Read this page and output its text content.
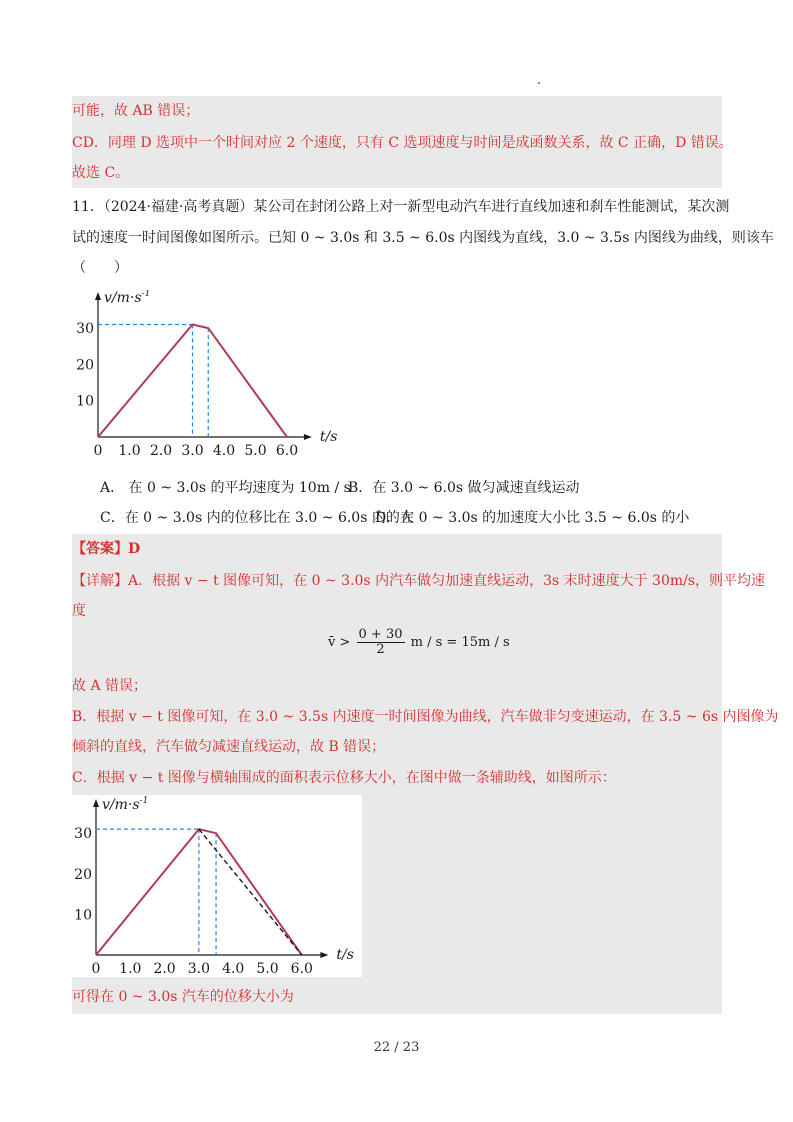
可能，故 AB 错误；
CD．同理 D 选项中一个时间对应 2 个速度，只有 C 选项速度与时间是成函数关系，故 C 正确，D 错误。
故选 C。
11．（2024·福建·高考真题）某公司在封闭公路上对一新型电动汽车进行直线加速和刹车性能测试，某次测
试的速度一时间图像如图所示。已知 0 ~ 3.0s 和 3.5 ~ 6.0s 内图线为直线，3.0 ~ 3.5s 内图线为曲线，则该车
（　　）
0 1.0 2.0 3.0 4.0 5.0 6.0
10
20
30
$v/m\cdot s^{-1}$
t/s
A． 在 0 ~ 3.0s 的平均速度为 10m / s
B．在 3.0 ~ 6.0s 做匀减速直线运动
C．在 0 ~ 3.0s 内的位移比在 3.0 ~ 6.0s 内的大
D．在 0 ~ 3.0s 的加速度大小比 3.5 ~ 6.0s 的小
【答案】D
【详解】A．根据 v − t 图像可知，在 0 ~ 3.0s 内汽车做匀加速直线运动，3s 末时速度大于 30m/s，则平均速
度
v̄ > $\frac{0 + 30}{2}$ m / s = 15m / s
故 A 错误；
B．根据 v − t 图像可知，在 3.0 ~ 3.5s 内速度一时间图像为曲线，汽车做非匀变速运动，在 3.5 ~ 6s 内图像为
倾斜的直线，汽车做匀减速直线运动，故 B 错误；
C．根据 v − t 图像与横轴围成的面积表示位移大小，在图中做一条辅助线，如图所示：
0 1.0 2.0 3.0 4.0 5.0 6.0
10
20
30
$v/m\cdot s^{-1}$
t/s
可得在 0 ~ 3.0s 汽车的位移大小为
22 / 23
